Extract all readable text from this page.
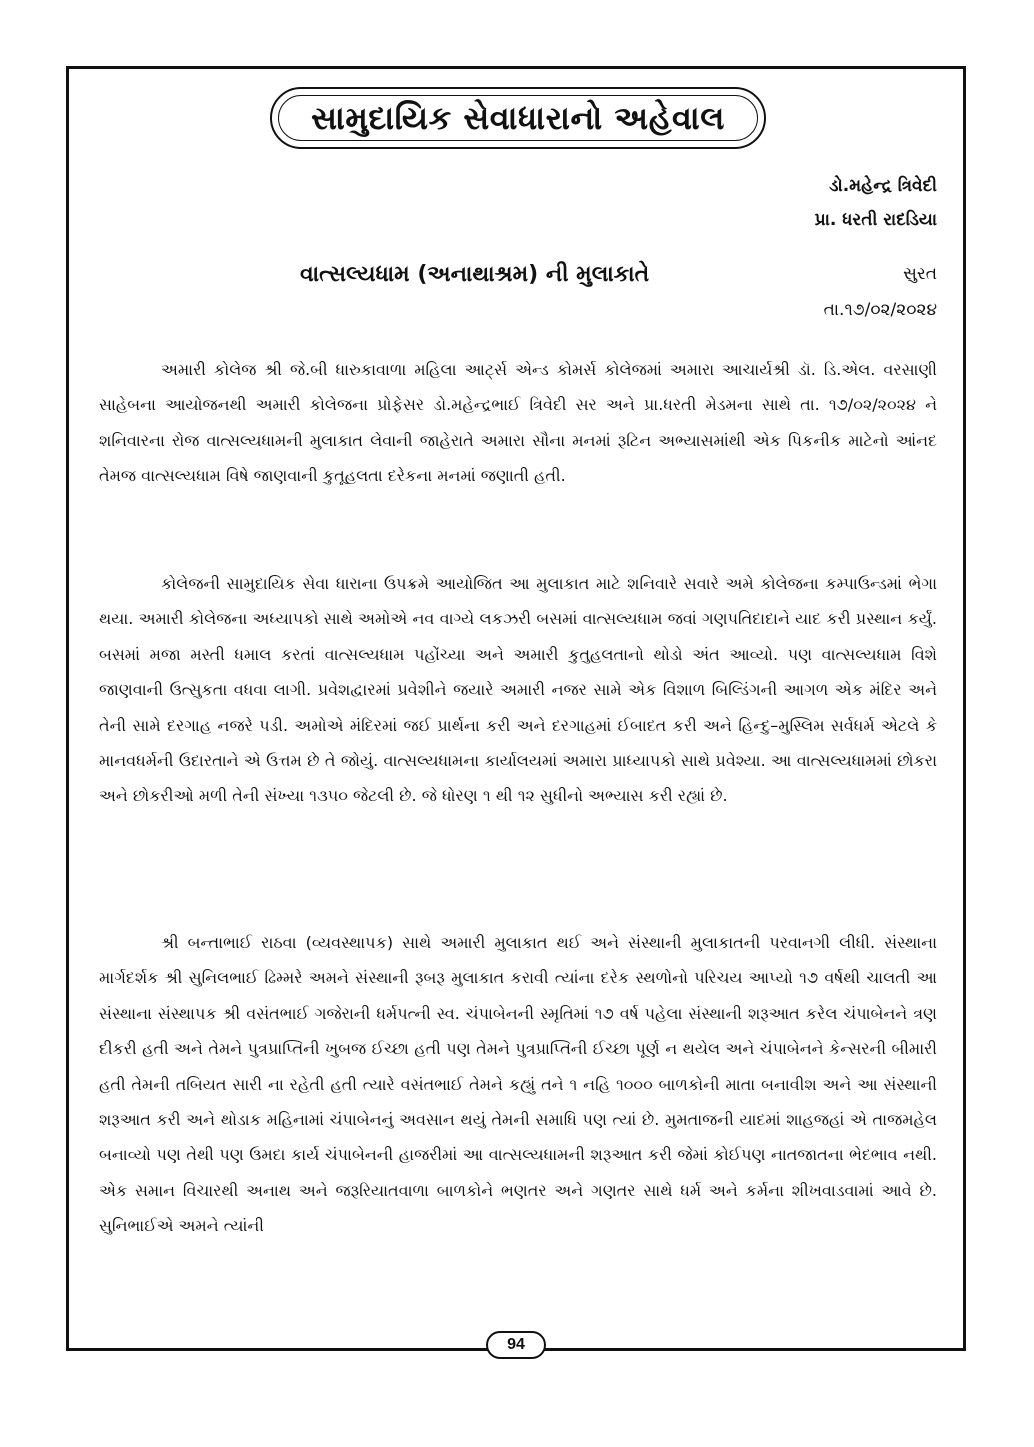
સામુદાયિક સેવાધારાનો અહેવાલ
ડો.મહેન્દ્ર ત્રિવેદી
પ્રા. ધરતી રાદડિયા
વાત્સલ્યધામ (અનાથાશ્રમ) ની મુલાકાતે	સુરત
તા.૧૭/૦૨/૨૦૨૪

અમારી કોલેજ શ્રી જે.બી ધારુકાવાળા મહિલા આર્ટ્સ એન્ડ કોમર્સ કોલેજમાં અમારા આચાર્યશ્રી ડૉ. ડિ.એલ. વરસાણી સાહેબના આયોજનથી અમારી કોલેજના પ્રોફેસર ડો.મહેન્દ્રભાઈ ત્રિવેદી સર અને પ્રા.ધરતી મેડમના સાથે તા. ૧૭/૦૨/૨૦૨૪ ને શનિવારના રોજ વાત્સલ્યધામની મુલાકાત લેવાની જાહેરાતે અમારા સૌના મનમાં રૂટિન અભ્યાસમાંથી એક પિકનીક માટેનો આંનદ તેમજ વાત્સલ્યધામ વિષે જાણવાની કુતૂહલતા દરેકના મનમાં જણાતી હતી.

કોલેજની સામુદાયિક સેવા ધારાના ઉપક્રમે આયોજિત આ મુલાકાત માટે શનિવારે સવારે અમે કોલેજના કમ્પાઉન્ડમાં ભેગા થયા. અમારી કોલેજના અધ્યાપકો સાથે અમોએ નવ વાગ્યે લકઝરી બસમાં વાત્સલ્યધામ જવાં ગણપતિદાદાને યાદ કરી પ્રસ્થાન કર્યું. બસમાં મજા મસ્તી ધમાલ કરતાં વાત્સલ્યધામ પહોંચ્યા અને અમારી કુતુહલતાનો થોડો અંત આવ્યો. પણ વાત્સલ્યધામ વિશે જાણવાની ઉત્સુકતા વધવા લાગી. પ્રવેશદ્વારમાં પ્રવેશીને જયારે અમારી નજર સામે એક વિશાળ બિલ્ડિંગની આગળ એક મંદિર અને તેની સામે દરગાહ નજરે પડી. અમોએ મંદિરમાં જઈ પ્રાર્થના કરી અને દરગાહમાં ઈબાદત કરી અને હિન્દુ–મુસ્લિમ સર્વધર્મ એટલે કે માનવધર્મની ઉદારતાને એ ઉત્તમ છે તે જોયું. વાત્સલ્યધામના કાર્યાલયમાં અમારા પ્રાધ્યાપકો સાથે પ્રવેશ્યા. આ વાત્સલ્યધામમાં છોકરા અને છોકરીઓ મળી તેની સંખ્યા ૧૩૫૦ જેટલી છે. જે ધોરણ ૧ થી ૧૨ સુધીનો અભ્યાસ કરી રહ્યાં છે.

શ્રી બન્તાભાઈ રાઠવા (વ્યવસ્થાપક) સાથે અમારી મુલાકાત થઈ અને સંસ્થાની મુલાકાતની પરવાનગી લીધી. સંસ્થાના માર્ગદર્શક શ્રી સુનિલભાઈ ઢિમ્મરે અમને સંસ્થાની રૂબરૂ મુલાકાત કરાવી ત્યાંના દરેક સ્થળોનો પરિચય આપ્યો ૧૭ વર્ષથી ચાલતી આ સંસ્થાના સંસ્થાપક શ્રી વસંતભાઈ ગજેરાની ધર્મપત્ની સ્વ. ચંપાબેનની સ્મૃતિમાં ૧૭ વર્ષ પહેલા સંસ્થાની શરૂઆત કરેલ ચંપાબેનને ત્રણ દીકરી હતી અને તેમને પુત્રપ્રાપ્તિની ખુબજ ઈચ્છા હતી પણ તેમને પુત્રપ્રાપ્તિની ઈચ્છા પૂર્ણ ન થયેલ અને ચંપાબેનને કેન્સરની બીમારી હતી તેમની તબિયત સારી ના રહેતી હતી ત્યારે વસંતભાઈ તેમને કહ્યું તને ૧ નહિ ૧૦૦૦ બાળકોની માતા બનાવીશ અને આ સંસ્થાની શરૂઆત કરી અને થોડાક મહિનામાં ચંપાબેનનું અવસાન થયું તેમની સમાધિ પણ ત્યાં છે. મુમતાજની યાદમાં શાહજહાં એ તાજમહેલ બનાવ્યો પણ તેથી પણ ઉમદા કાર્ય ચંપાબેનની હાજરીમાં આ વાત્સલ્યધામની શરૂઆત કરી જેમાં કોઈપણ નાતજાતના ભેદભાવ નથી. એક સમાન વિચારથી અનાથ અને જરૂરિયાતવાળા બાળકોને ભણતર અને ગણતર સાથે ધર્મ અને કર્મના શીખવાડવામાં આવે છે. સુનિભાઈએ અમને ત્યાંની

94
